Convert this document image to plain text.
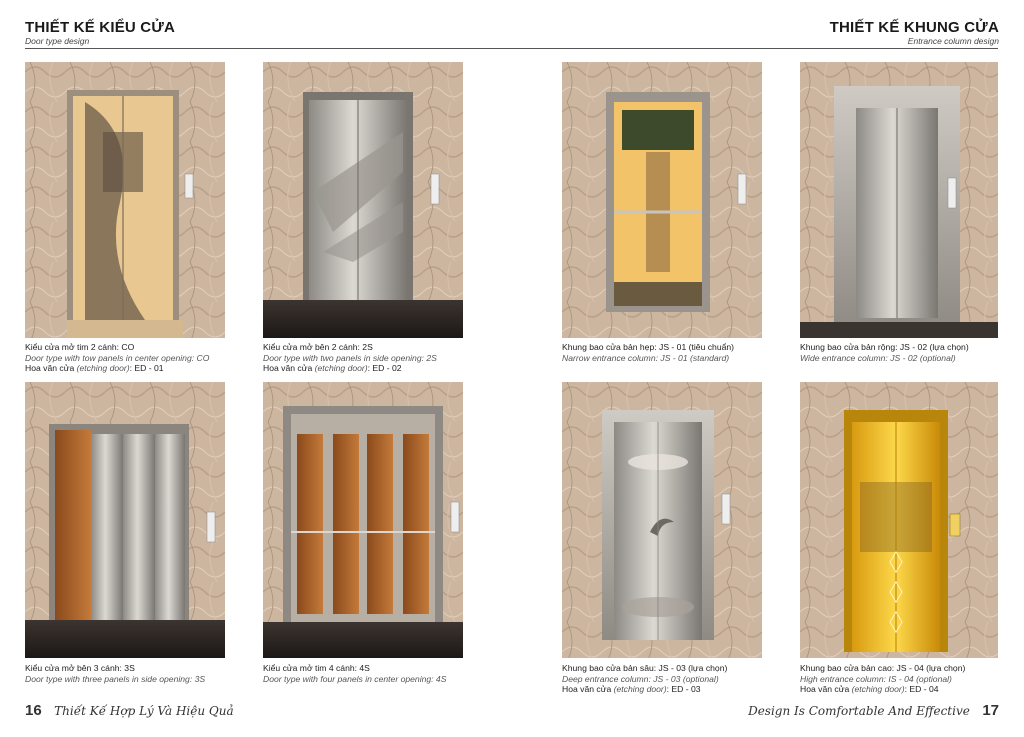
THIẾT KẾ KIỂU CỬA
Door type design
THIẾT KẾ KHUNG CỬA
Entrance column design
Kiểu cửa mở tim 2 cánh: CO
Door type with tow panels in center opening: CO
Hoa văn cửa (etching door): ED - 01
Kiểu cửa mở bên 2 cánh: 2S
Door type with two panels in side opening: 2S
Hoa văn cửa (etching door): ED - 02
Khung bao cửa bản hẹp: JS - 01 (tiêu chuẩn)
Narrow entrance column: JS - 01 (standard)
Khung bao cửa bản rộng: JS - 02 (lựa chọn)
Wide entrance column: JS - 02 (optional)
Kiểu cửa mở bên 3 cánh: 3S
Door type with three panels in side opening: 3S
Kiểu cửa mở tim 4 cánh: 4S
Door type with four panels in center opening: 4S
Khung bao cửa bản sâu: JS - 03 (lựa chọn)
Deep entrance column: JS - 03 (optional)
Hoa văn cửa (etching door): ED - 03
Khung bao cửa bản cao: JS - 04 (lựa chọn)
High entrance column: IS - 04 (optional)
Hoa văn cửa (etching door): ED - 04
16 Thiết Kế Hợp Lý Và Hiệu Quả	Design Is Comfortable And Effective 17
